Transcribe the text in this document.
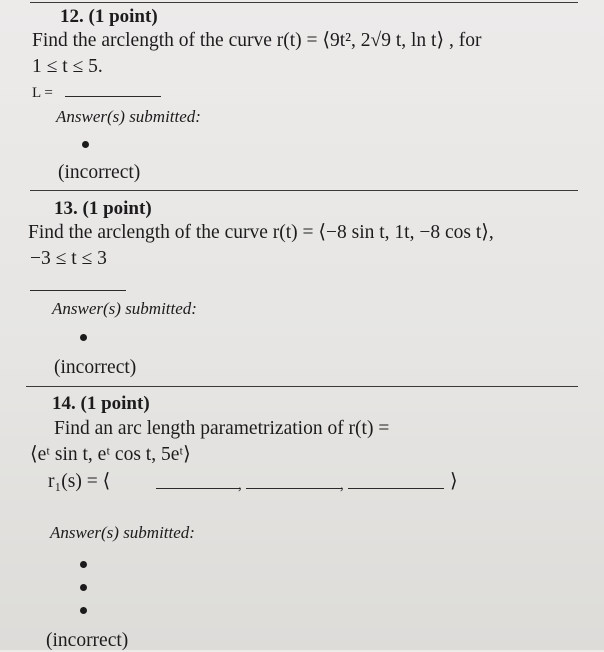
12. (1 point)
Find the arclength of the curve r(t) = ⟨9t², 2√9 t, ln t⟩ , for
1 ≤ t ≤ 5.
L =
Answer(s) submitted:
(incorrect)
13. (1 point)
Find the arclength of the curve r(t) = ⟨−8 sin t, 1t, −8 cos t⟩,
−3 ≤ t ≤ 3
Answer(s) submitted:
(incorrect)
14. (1 point)
Find an arc length parametrization of r(t) =
⟨eᵗ sin t, eᵗ cos t, 5eᵗ⟩
r₁(s) = ⟨	,	,	⟩
Answer(s) submitted:
(incorrect)
